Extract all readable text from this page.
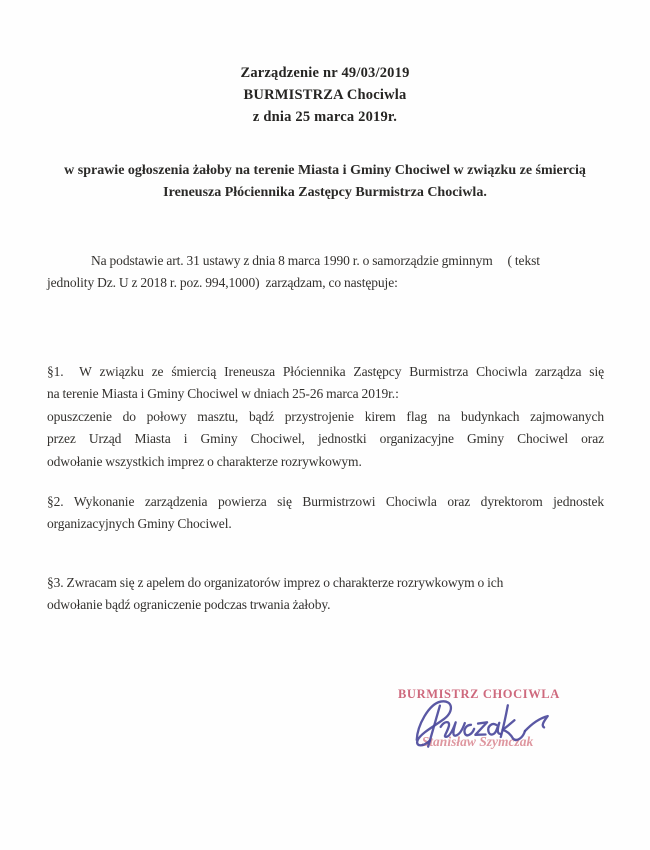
Zarządzenie nr 49/03/2019
BURMISTRZA Chociwla
z dnia 25 marca 2019r.
w sprawie ogłoszenia żałoby na terenie Miasta i Gminy Chociwel w związku ze śmiercią
Ireneusza Płóciennika Zastępcy Burmistrza Chociwla.
Na podstawie art. 31 ustawy z dnia 8 marca 1990 r. o samorządzie gminnym     ( tekst
jednolity Dz. U z 2018 r. poz. 994,1000)  zarządzam, co następuje:
§1.  W związku ze śmiercią Ireneusza Płóciennika Zastępcy Burmistrza Chociwla zarządza się
na terenie Miasta i Gminy Chociwel w dniach 25-26 marca 2019r.:
opuszczenie do połowy masztu, bądź przystrojenie kirem flag na budynkach zajmowanych
przez Urząd Miasta i Gminy Chociwel, jednostki organizacyjne Gminy Chociwel oraz
odwołanie wszystkich imprez o charakterze rozrywkowym.
§2. Wykonanie zarządzenia powierza się Burmistrzowi Chociwla oraz dyrektorom jednostek
organizacyjnych Gminy Chociwel.
§3. Zwracam się z apelem do organizatorów imprez o charakterze rozrywkowym o ich
odwołanie bądź ograniczenie podczas trwania żałoby.
BURMISTRZ CHOCIWLA
Stanisław Szymczak
